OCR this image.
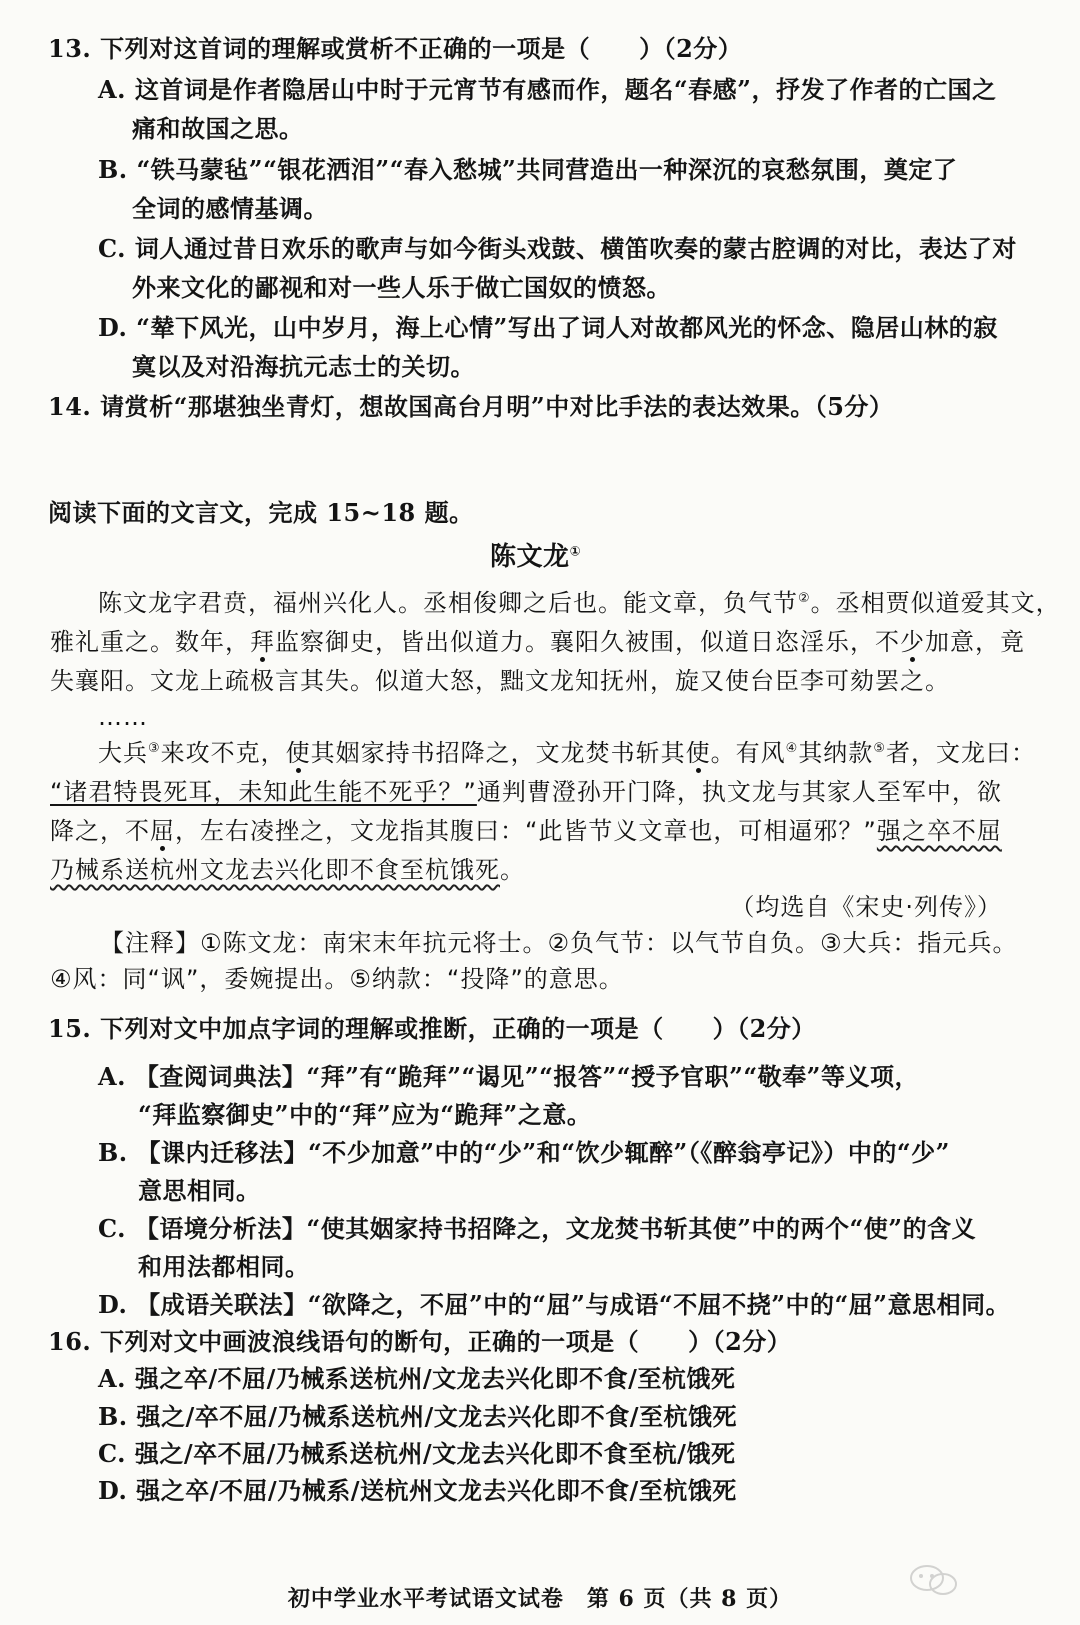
13. 下列对这首词的理解或赏析不正确的一项是（　　）（2分）
A. 这首词是作者隐居山中时于元宵节有感而作，题名“春感”，抒发了作者的亡国之
痛和故国之思。
B. “铁马蒙毡”“银花洒泪”“春入愁城”共同营造出一种深沉的哀愁氛围，奠定了
全词的感情基调。
C. 词人通过昔日欢乐的歌声与如今街头戏鼓、横笛吹奏的蒙古腔调的对比，表达了对
外来文化的鄙视和对一些人乐于做亡国奴的愤怒。
D. “辇下风光，山中岁月，海上心情”写出了词人对故都风光的怀念、隐居山林的寂
寞以及对沿海抗元志士的关切。
14. 请赏析“那堪独坐青灯，想故国高台月明”中对比手法的表达效果。（5分）
阅读下面的文言文，完成 15~18 题。
陈文龙①
陈文龙字君贲，福州兴化人。丞相俊卿之后也。能文章，负气节②。丞相贾似道爱其文，
雅礼重之。数年，拜监察御史，皆出似道力。襄阳久被围，似道日恣淫乐，不少加意，竟
失襄阳。文龙上疏极言其失。似道大怒，黜文龙知抚州，旋又使台臣李可劾罢之。
……
大兵③来攻不克，使其姻家持书招降之，文龙焚书斩其使。有风④其纳款⑤者，文龙曰：
“诸君特畏死耳，未知此生能不死乎？”通判曹澄孙开门降，执文龙与其家人至军中，欲
降之，不屈，左右凌挫之，文龙指其腹曰：“此皆节义文章也，可相逼邪？”强之卒不屈
乃械系送杭州文龙去兴化即不食至杭饿死。
（均选自《宋史·列传》）
【注释】①陈文龙：南宋末年抗元将士。②负气节：以气节自负。③大兵：指元兵。
④风：同“讽”，委婉提出。⑤纳款：“投降”的意思。
15. 下列对文中加点字词的理解或推断，正确的一项是（　　）（2分）
A. 【查阅词典法】“拜”有“跪拜”“谒见”“报答”“授予官职”“敬奉”等义项，
“拜监察御史”中的“拜”应为“跪拜”之意。
B. 【课内迁移法】“不少加意”中的“少”和“饮少辄醉”（《醉翁亭记》）中的“少”
意思相同。
C. 【语境分析法】“使其姻家持书招降之，文龙焚书斩其使”中的两个“使”的含义
和用法都相同。
D. 【成语关联法】“欲降之，不屈”中的“屈”与成语“不屈不挠”中的“屈”意思相同。
16. 下列对文中画波浪线语句的断句，正确的一项是（　　）（2分）
A. 强之卒/不屈/乃械系送杭州/文龙去兴化即不食/至杭饿死
B. 强之/卒不屈/乃械系送杭州/文龙去兴化即不食/至杭饿死
C. 强之/卒不屈/乃械系送杭州/文龙去兴化即不食至杭/饿死
D. 强之卒/不屈/乃械系/送杭州文龙去兴化即不食/至杭饿死
初中学业水平考试语文试卷　第 6 页（共 8 页）
